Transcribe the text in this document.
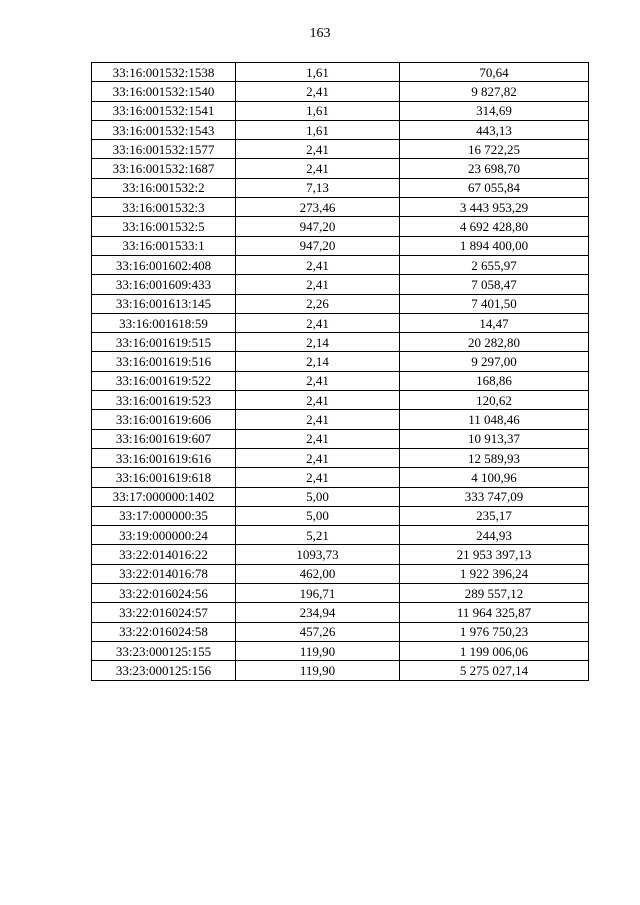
163
33:16:001532:1538	1,61	70,64
33:16:001532:1540	2,41	9 827,82
33:16:001532:1541	1,61	314,69
33:16:001532:1543	1,61	443,13
33:16:001532:1577	2,41	16 722,25
33:16:001532:1687	2,41	23 698,70
33:16:001532:2	7,13	67 055,84
33:16:001532:3	273,46	3 443 953,29
33:16:001532:5	947,20	4 692 428,80
33:16:001533:1	947,20	1 894 400,00
33:16:001602:408	2,41	2 655,97
33:16:001609:433	2,41	7 058,47
33:16:001613:145	2,26	7 401,50
33:16:001618:59	2,41	14,47
33:16:001619:515	2,14	20 282,80
33:16:001619:516	2,14	9 297,00
33:16:001619:522	2,41	168,86
33:16:001619:523	2,41	120,62
33:16:001619:606	2,41	11 048,46
33:16:001619:607	2,41	10 913,37
33:16:001619:616	2,41	12 589,93
33:16:001619:618	2,41	4 100,96
33:17:000000:1402	5,00	333 747,09
33:17:000000:35	5,00	235,17
33:19:000000:24	5,21	244,93
33:22:014016:22	1093,73	21 953 397,13
33:22:014016:78	462,00	1 922 396,24
33:22:016024:56	196,71	289 557,12
33:22:016024:57	234,94	11 964 325,87
33:22:016024:58	457,26	1 976 750,23
33:23:000125:155	119,90	1 199 006,06
33:23:000125:156	119,90	5 275 027,14
